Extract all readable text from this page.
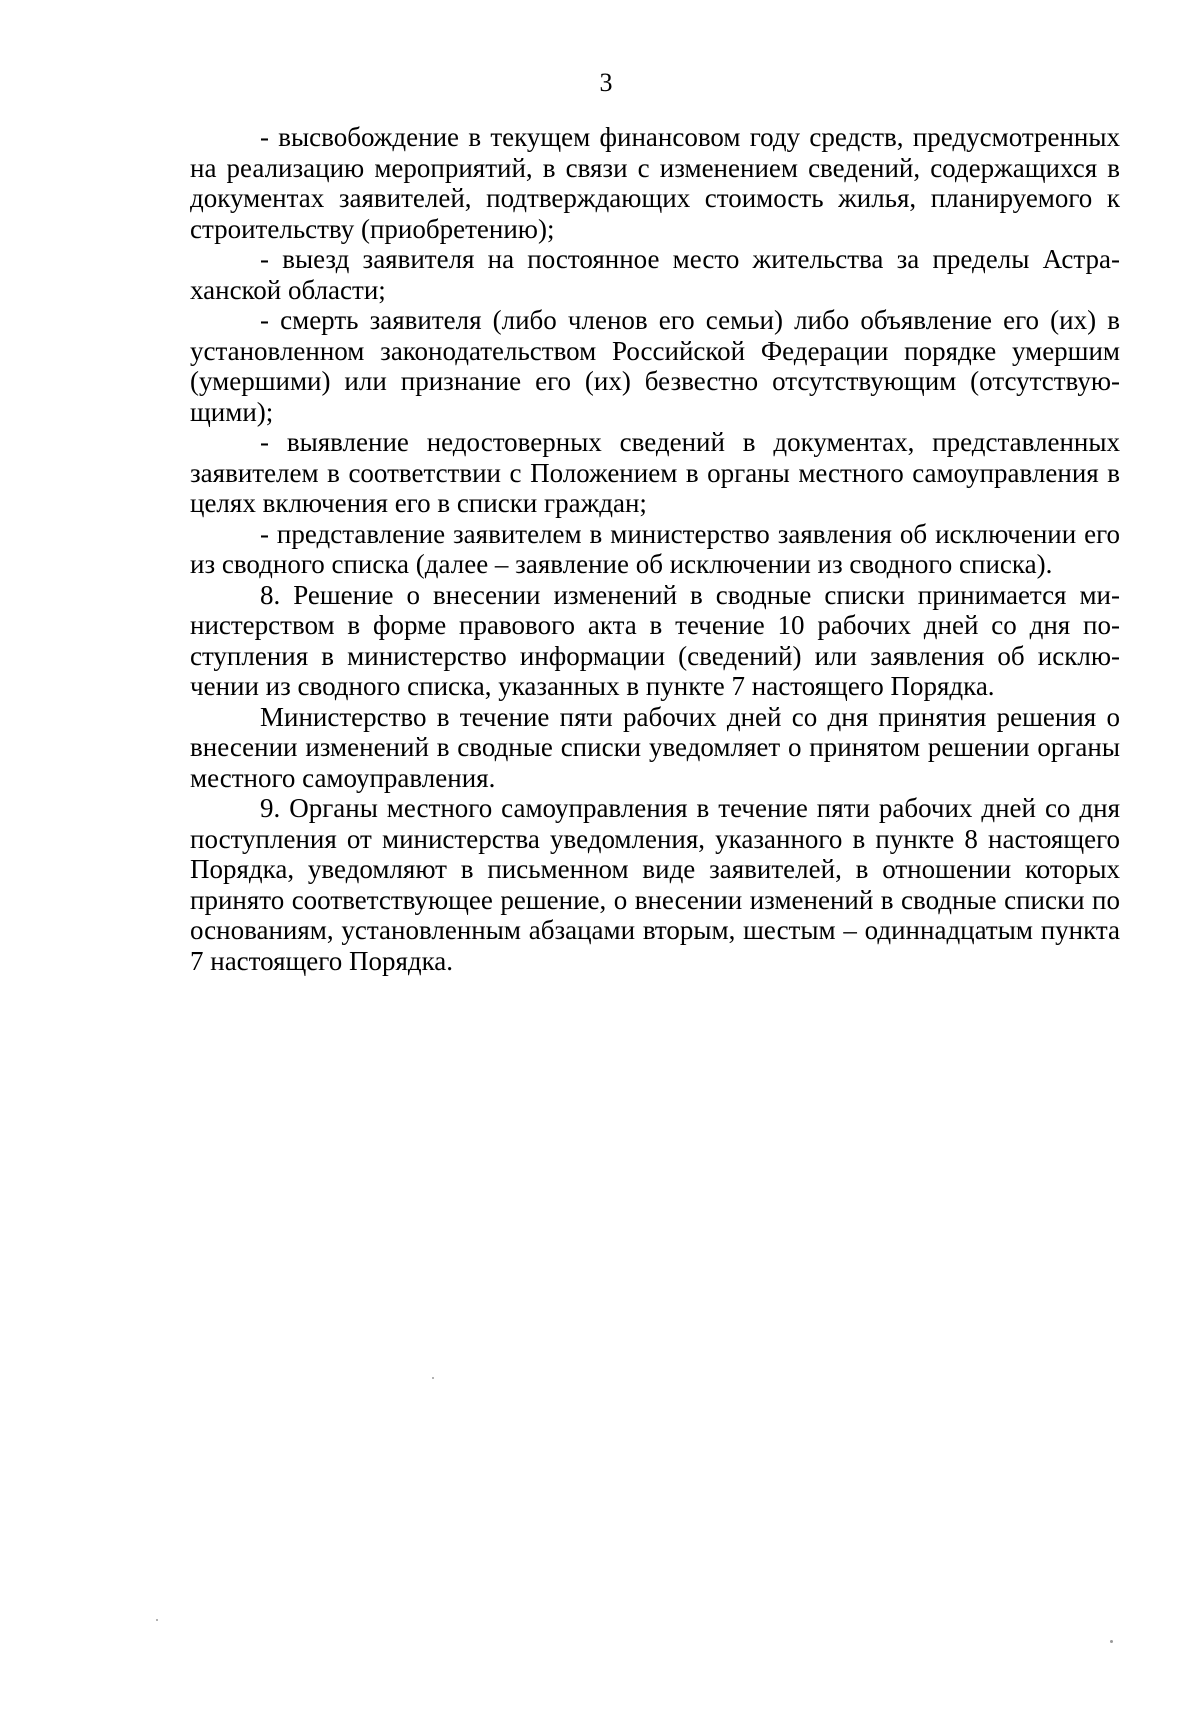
3

- высвобождение в текущем финансовом году средств, предусмотренных на реализацию мероприятий, в связи с изменением сведений, содержащихся в документах заявителей, подтверждающих стоимость жилья, планируемого к строительству (приобретению);

- выезд заявителя на постоянное место жительства за пределы Астраханской области;

- смерть заявителя (либо членов его семьи) либо объявление его (их) в установленном законодательством Российской Федерации порядке умершим (умершими) или признание его (их) безвестно отсутствующим (отсутствующими);

- выявление недостоверных сведений в документах, представленных заявителем в соответствии с Положением в органы местного самоуправления в целях включения его в списки граждан;

- представление заявителем в министерство заявления об исключении его из сводного списка (далее – заявление об исключении из сводного списка).

8. Решение о внесении изменений в сводные списки принимается министерством в форме правового акта в течение 10 рабочих дней со дня поступления в министерство информации (сведений) или заявления об исключении из сводного списка, указанных в пункте 7 настоящего Порядка.

Министерство в течение пяти рабочих дней со дня принятия решения о внесении изменений в сводные списки уведомляет о принятом решении органы местного самоуправления.

9. Органы местного самоуправления в течение пяти рабочих дней со дня поступления от министерства уведомления, указанного в пункте 8 настоящего Порядка, уведомляют в письменном виде заявителей, в отношении которых принято соответствующее решение, о внесении изменений в сводные списки по основаниям, установленным абзацами вторым, шестым – одиннадцатым пункта 7 настоящего Порядка.
